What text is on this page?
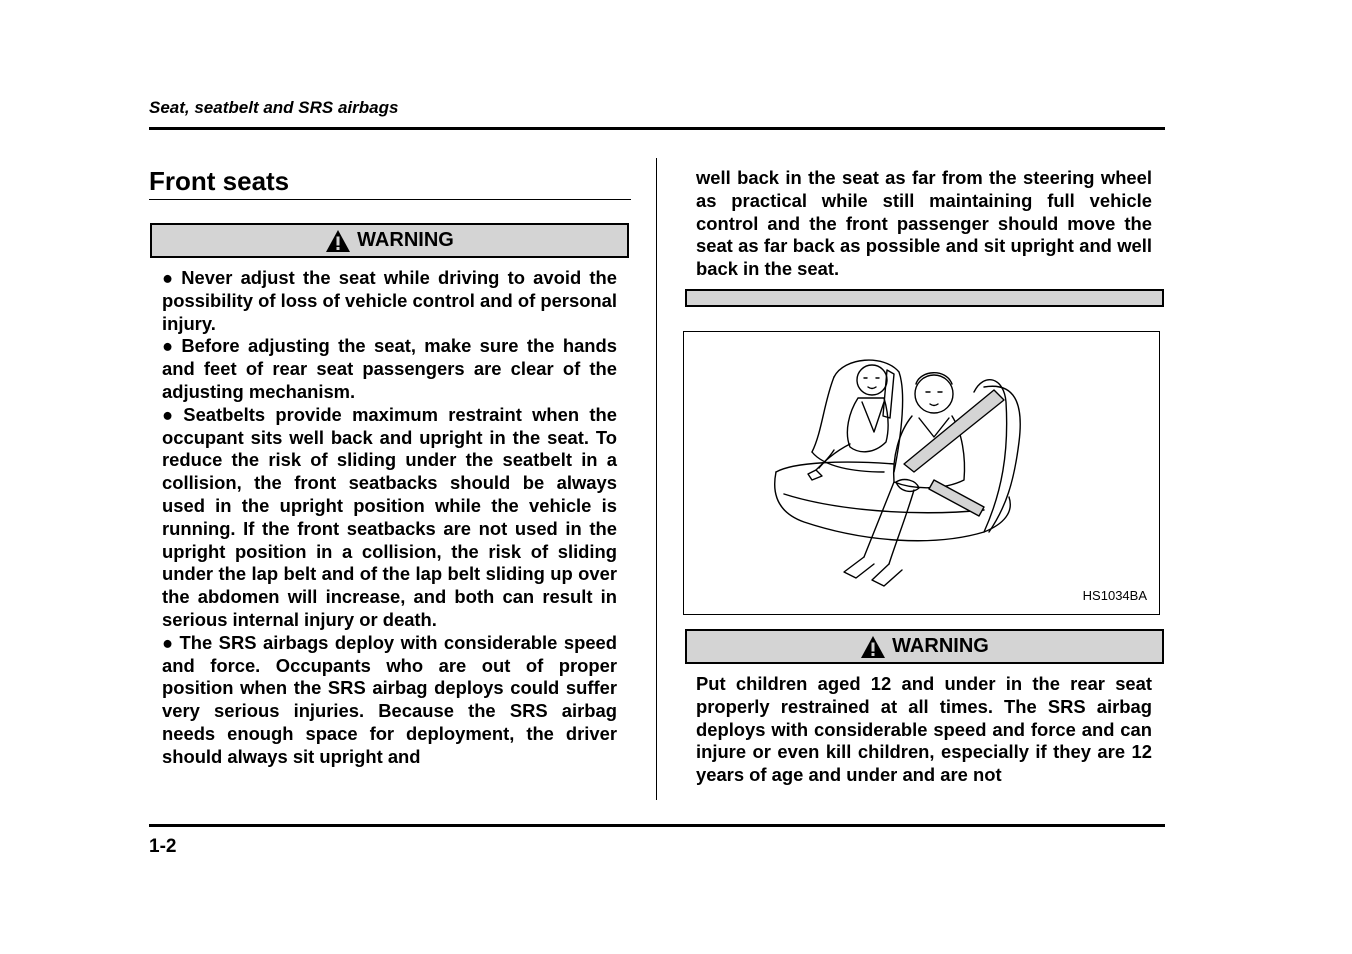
Seat, seatbelt and SRS airbags
Front seats
WARNING
● Never adjust the seat while driving to avoid the possibility of loss of vehicle control and of personal injury.
● Before adjusting the seat, make sure the hands and feet of rear seat passengers are clear of the adjusting mechanism.
● Seatbelts provide maximum restraint when the occupant sits well back and upright in the seat. To reduce the risk of sliding under the seatbelt in a collision, the front seatbacks should be always used in the upright position while the vehicle is running. If the front seatbacks are not used in the upright position in a collision, the risk of sliding under the lap belt and of the lap belt sliding up over the abdomen will increase, and both can result in serious internal injury or death.
● The SRS airbags deploy with considerable speed and force. Occupants who are out of proper position when the SRS airbag deploys could suffer very serious injuries. Because the SRS airbag needs enough space for deployment, the driver should always sit upright and

well back in the seat as far from the steering wheel as practical while still maintaining full vehicle control and the front passenger should move the seat as far back as possible and sit upright and well back in the seat.

HS1034BA
WARNING

Put children aged 12 and under in the rear seat properly restrained at all times. The SRS airbag deploys with considerable speed and force and can injure or even kill children, especially if they are 12 years of age and under and are not

1-2
